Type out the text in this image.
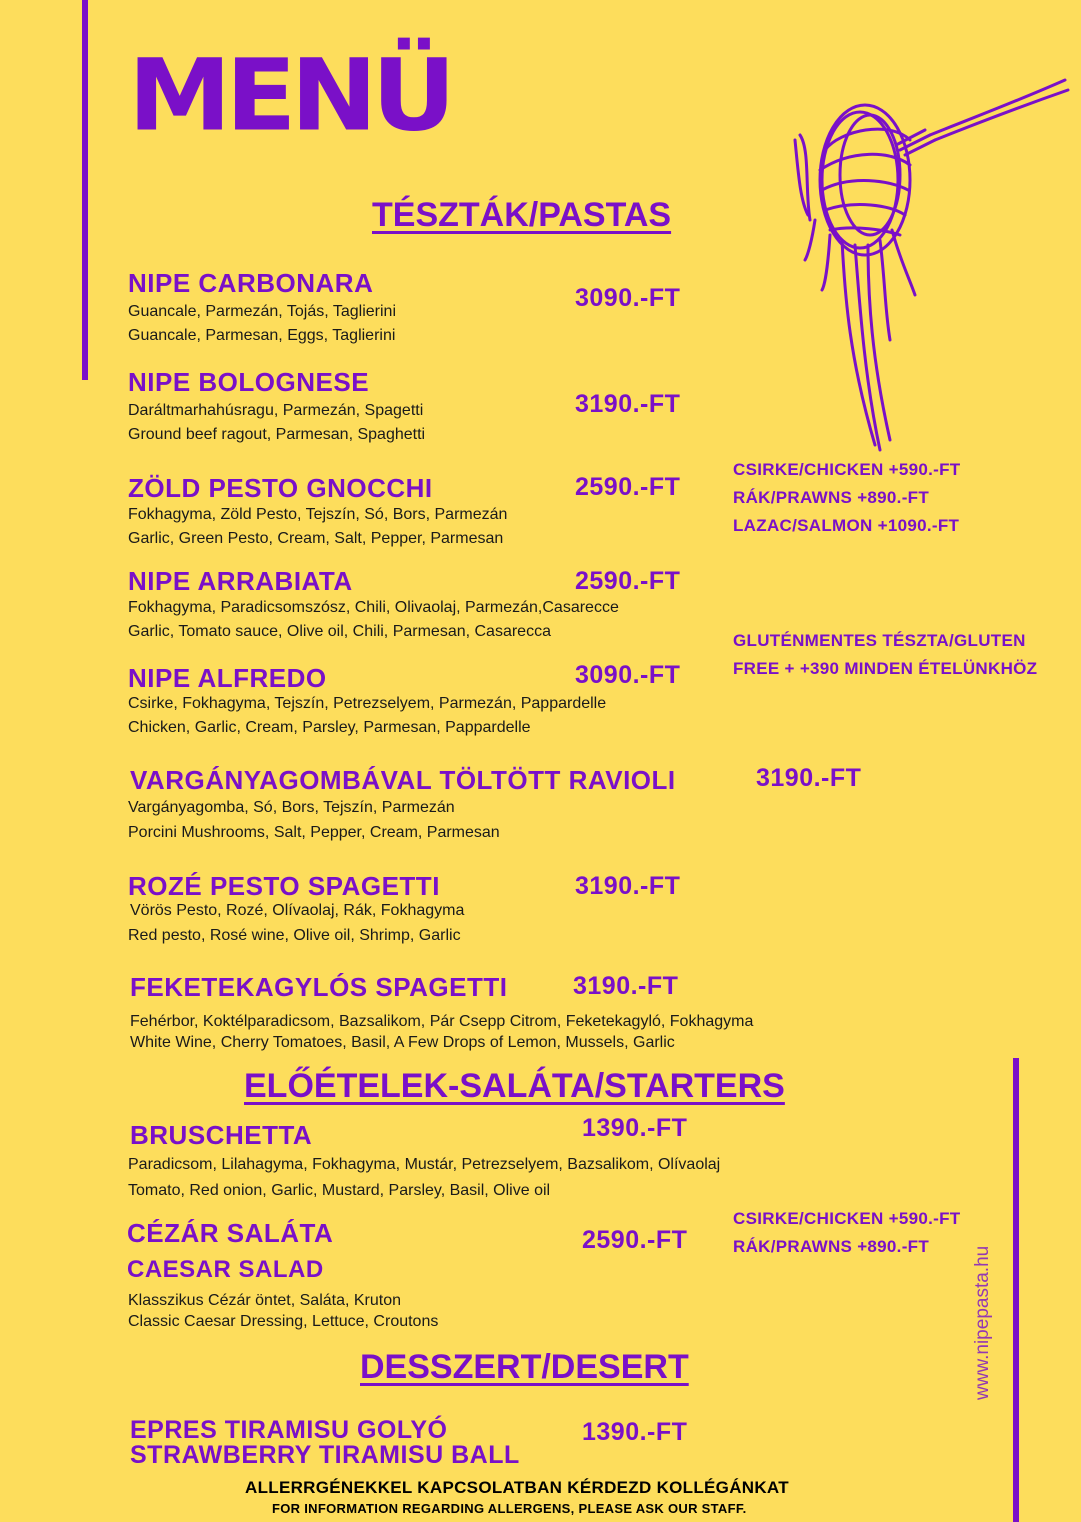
MENÜ
TÉSZTÁK/PASTAS
NIPE CARBONARA	3090.-FT
Guancale, Parmezán, Tojás, Taglierini
Guancale, Parmesan, Eggs, Taglierini
NIPE BOLOGNESE
3190.-FT
Daráltmarhahúsragu, Parmezán, Spagetti
Ground beef ragout, Parmesan, Spaghetti
ZÖLD PESTO GNOCCHI	2590.-FT
Fokhagyma, Zöld Pesto, Tejszín, Só, Bors, Parmezán
Garlic, Green Pesto, Cream, Salt, Pepper, Parmesan
NIPE ARRABIATA	2590.-FT
Fokhagyma, Paradicsomszósz, Chili, Olivaolaj, Parmezán,Casarecce
Garlic, Tomato sauce, Olive oil, Chili, Parmesan, Casarecca
NIPE ALFREDO	3090.-FT
Csirke, Fokhagyma, Tejszín, Petrezselyem, Parmezán, Pappardelle
Chicken, Garlic, Cream, Parsley, Parmesan, Pappardelle
VARGÁNYAGOMBÁVAL TÖLTÖTT RAVIOLI	3190.-FT
Vargányagomba, Só, Bors, Tejszín, Parmezán
Porcini Mushrooms, Salt, Pepper, Cream, Parmesan
ROZÉ PESTO SPAGETTI	3190.-FT
Vörös Pesto, Rozé, Olívaolaj, Rák, Fokhagyma
Red pesto, Rosé wine, Olive oil, Shrimp, Garlic
FEKETEKAGYLÓS SPAGETTI	3190.-FT
Fehérbor, Koktélparadicsom, Bazsalikom, Pár Csepp Citrom, Feketekagyló, Fokhagyma
White Wine, Cherry Tomatoes, Basil, A Few Drops of Lemon, Mussels, Garlic
CSIRKE/CHICKEN +590.-FT
RÁK/PRAWNS +890.-FT
LAZAC/SALMON +1090.-FT
GLUTÉNMENTES TÉSZTA/GLUTEN
FREE + +390 MINDEN ÉTELÜNKHÖZ
ELŐÉTELEK-SALÁTA/STARTERS
BRUSCHETTA	1390.-FT
Paradicsom, Lilahagyma, Fokhagyma, Mustár, Petrezselyem, Bazsalikom, Olívaolaj
Tomato, Red onion, Garlic, Mustard, Parsley, Basil, Olive oil
CÉZÁR SALÁTA
CAESAR SALAD
2590.-FT
Klasszikus Cézár öntet, Saláta, Kruton
Classic Caesar Dressing, Lettuce, Croutons
CSIRKE/CHICKEN +590.-FT
RÁK/PRAWNS +890.-FT
DESSZERT/DESERT
EPRES TIRAMISU GOLYÓ
STRAWBERRY TIRAMISU BALL
1390.-FT
ALLERRGÉNEKKEL KAPCSOLATBAN KÉRDEZD KOLLÉGÁNKAT
FOR INFORMATION REGARDING ALLERGENS, PLEASE ASK OUR STAFF.
www.nipepasta.hu
